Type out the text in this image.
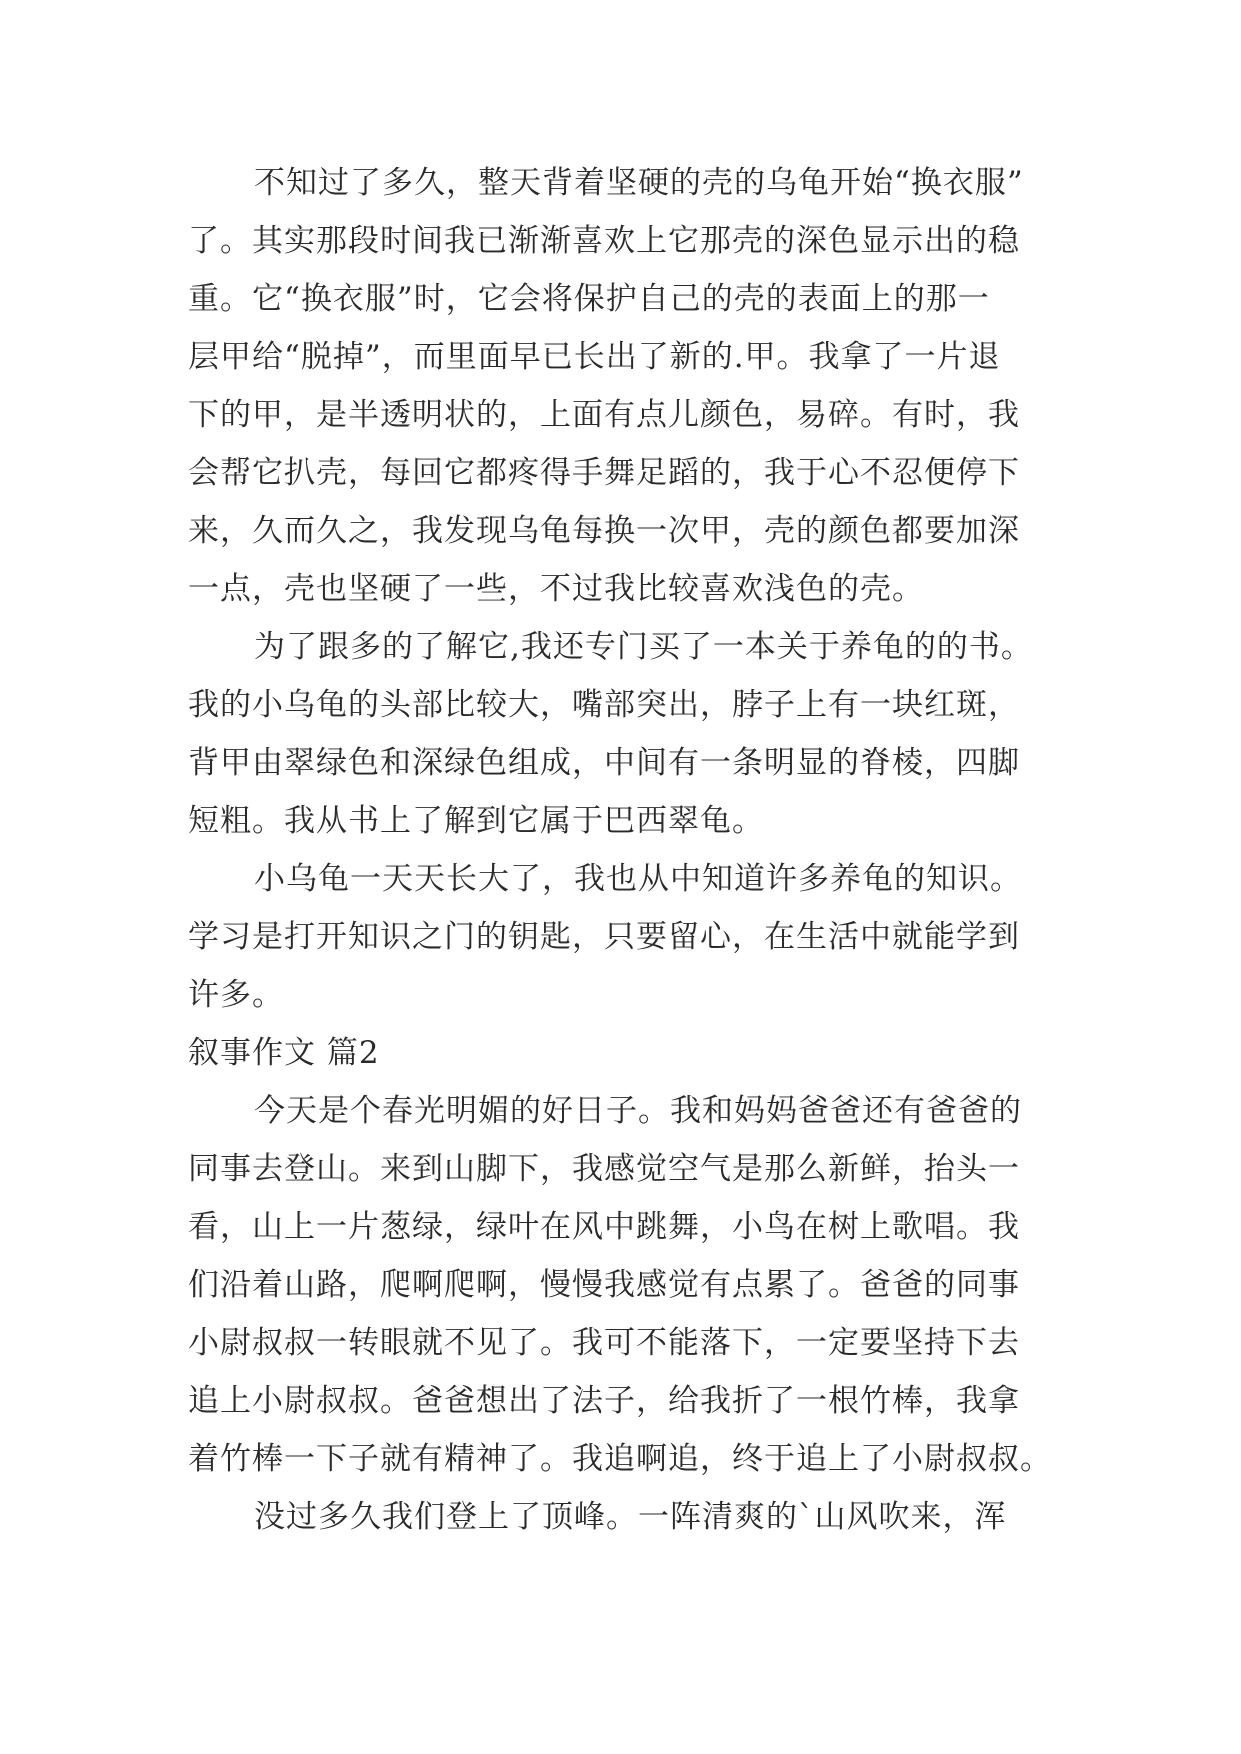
不知过了多久，整天背着坚硬的壳的乌龟开始“换衣服”
了。其实那段时间我已渐渐喜欢上它那壳的深色显示出的稳
重。它“换衣服”时，它会将保护自己的壳的表面上的那一
层甲给“脱掉”，而里面早已长出了新的.甲。我拿了一片退
下的甲，是半透明状的，上面有点儿颜色，易碎。有时，我
会帮它扒壳，每回它都疼得手舞足蹈的，我于心不忍便停下
来，久而久之，我发现乌龟每换一次甲，壳的颜色都要加深
一点，壳也坚硬了一些，不过我比较喜欢浅色的壳。
为了跟多的了解它,我还专门买了一本关于养龟的的书。
我的小乌龟的头部比较大，嘴部突出，脖子上有一块红斑，
背甲由翠绿色和深绿色组成，中间有一条明显的脊棱，四脚
短粗。我从书上了解到它属于巴西翠龟。
小乌龟一天天长大了，我也从中知道许多养龟的知识。
学习是打开知识之门的钥匙，只要留心，在生活中就能学到
许多。
叙事作文 篇2
今天是个春光明媚的好日子。我和妈妈爸爸还有爸爸的
同事去登山。来到山脚下，我感觉空气是那么新鲜，抬头一
看，山上一片葱绿，绿叶在风中跳舞，小鸟在树上歌唱。我
们沿着山路，爬啊爬啊，慢慢我感觉有点累了。爸爸的同事
小尉叔叔一转眼就不见了。我可不能落下，一定要坚持下去
追上小尉叔叔。爸爸想出了法子，给我折了一根竹棒，我拿
着竹棒一下子就有精神了。我追啊追，终于追上了小尉叔叔。
没过多久我们登上了顶峰。一阵清爽的`山风吹来，浑
